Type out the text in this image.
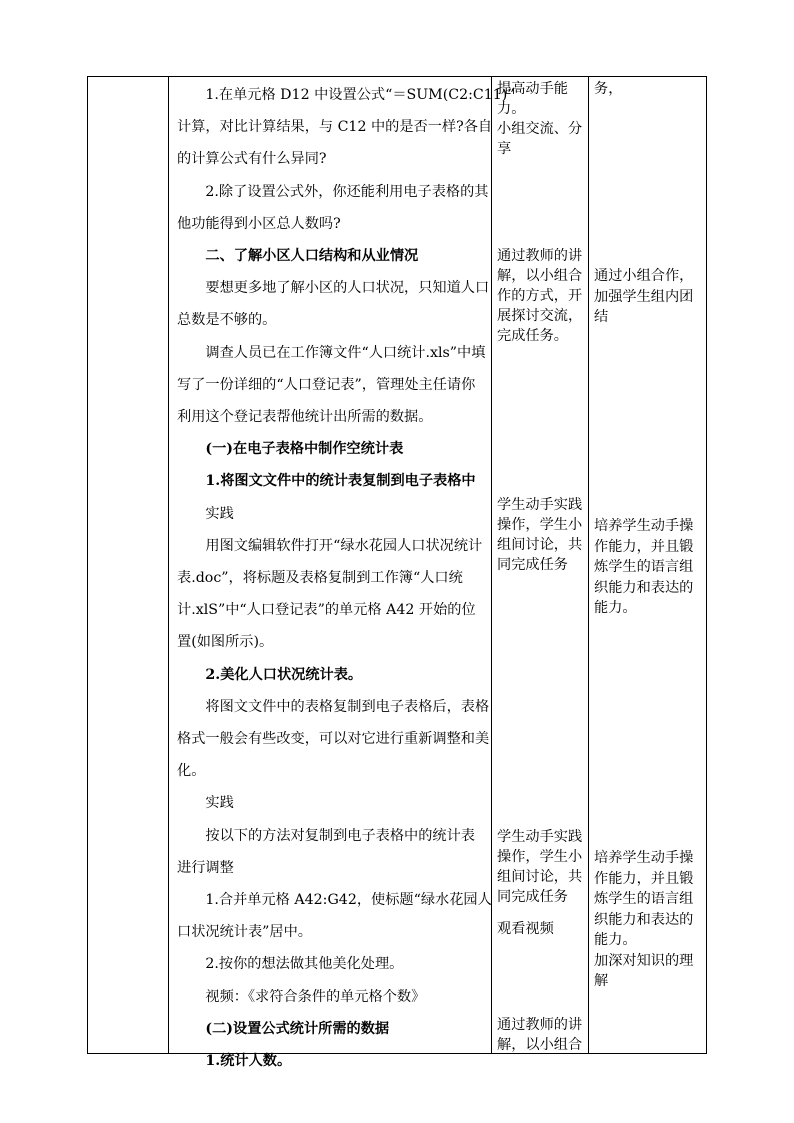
1.在单元格 D12 中设置公式“＝SUM(C2:C11)”
计算，对比计算结果，与 C12 中的是否一样?各自
的计算公式有什么异同?
2.除了设置公式外，你还能利用电子表格的其
他功能得到小区总人数吗?
二、了解小区人口结构和从业情况
要想更多地了解小区的人口状况，只知道人口
总数是不够的。
调查人员已在工作簿文件“人口统计.xls”中填
写了一份详细的“人口登记表”，管理处主任请你
利用这个登记表帮他统计出所需的数据。
(一)在电子表格中制作空统计表
1.将图文文件中的统计表复制到电子表格中
实践
用图文编辑软件打开“绿水花园人口状况统计
表.doc”，将标题及表格复制到工作簿“人口统
计.xlS”中“人口登记表”的单元格 A42 开始的位
置(如图所示)。
2.美化人口状况统计表。
将图文文件中的表格复制到电子表格后，表格
格式一般会有些改变，可以对它进行重新调整和美
化。
实践
按以下的方法对复制到电子表格中的统计表
进行调整
1.合并单元格 A42:G42，使标题“绿水花园人
口状况统计表”居中。
2.按你的想法做其他美化处理。
视频：《求符合条件的单元格个数》
(二)设置公式统计所需的数据
1.统计人数。
提高动手能力。
小组交流、分
享
通过教师的讲
解，以小组合
作的方式，开
展探讨交流，
完成任务。
学生动手实践
操作，学生小
组间讨论，共
同完成任务
学生动手实践
操作，学生小
组间讨论，共
同完成任务
观看视频
通过教师的讲
解，以小组合
务，
通过小组合作，
加强学生组内团
结
培养学生动手操
作能力，并且锻
炼学生的语言组
织能力和表达的
能力。
培养学生动手操
作能力，并且锻
炼学生的语言组
织能力和表达的
能力。
加深对知识的理
解
